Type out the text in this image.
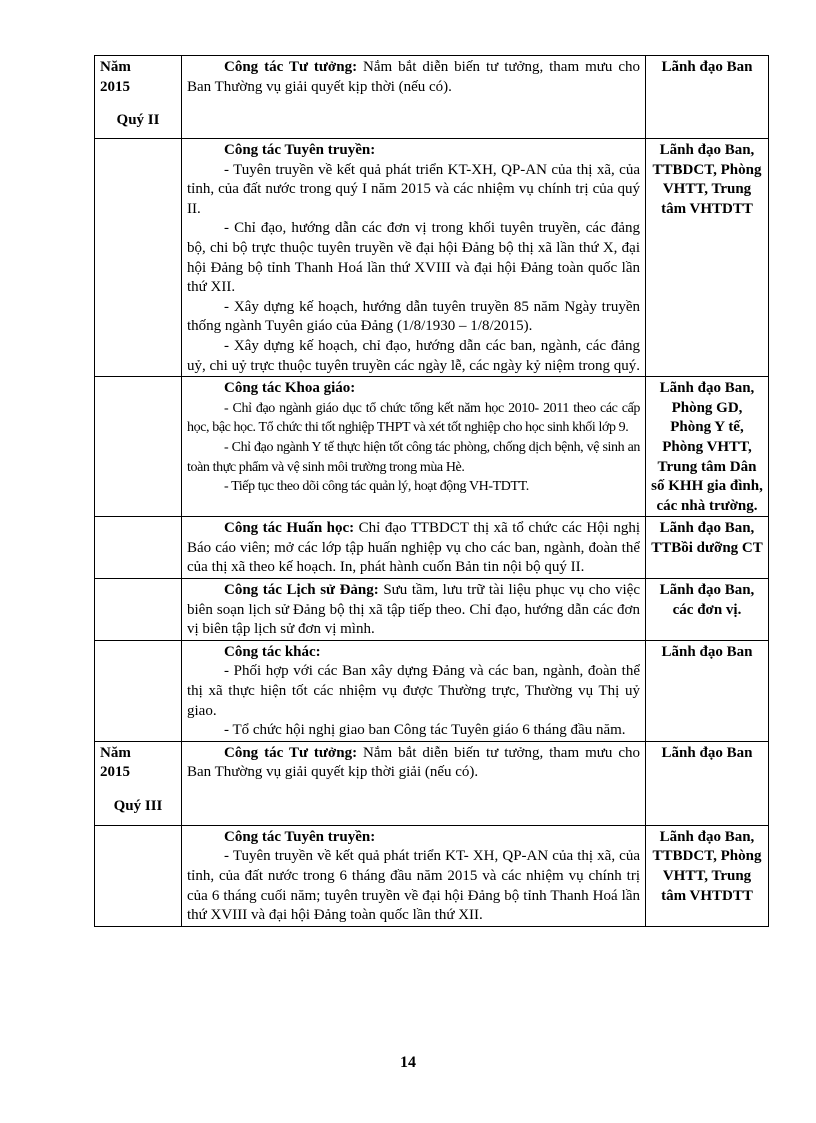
Năm
2015
Quý II	Công tác Tư tưởng: Nắm bắt diễn biến tư tưởng, tham mưu cho Ban Thường vụ giải quyết kịp thời (nếu có).	Lãnh đạo Ban

	Công tác Tuyên truyền:

- Tuyên truyền về kết quả phát triển KT-XH, QP-AN của thị xã, của tỉnh, của đất nước trong quý I năm 2015 và các nhiệm vụ chính trị của quý II.

- Chỉ đạo, hướng dẫn các đơn vị trong khối tuyên truyền, các đảng bộ, chi bộ trực thuộc tuyên truyền về đại hội Đảng bộ thị xã lần thứ X, đại hội Đảng bộ tỉnh Thanh Hoá lần thứ XVIII và đại hội Đảng toàn quốc lần thứ XII.

- Xây dựng kế hoạch, hướng dẫn tuyên truyền 85 năm Ngày truyền thống ngành Tuyên giáo của Đảng (1/8/1930 – 1/8/2015).

- Xây dựng kế hoạch, chỉ đạo, hướng dẫn các ban, ngành, các đảng uỷ, chi uỷ trực thuộc tuyên truyền các ngày lễ, các ngày kỷ niệm trong quý.	Lãnh đạo Ban, TTBDCT, Phòng VHTT, Trung tâm VHTDTT

	Công tác Khoa giáo:

- Chỉ đạo ngành giáo dục tổ chức tổng kết năm học 2010- 2011 theo các cấp học, bậc học. Tổ chức thi tốt nghiệp THPT và xét tốt nghiệp cho học sinh khối lớp 9.

- Chỉ đạo ngành Y tế thực hiện tốt công tác phòng, chống dịch bệnh, vệ sinh an toàn thực phẩm và vệ sinh môi trường trong mùa Hè.

- Tiếp tục theo dõi công tác quản lý, hoạt động VH-TDTT.	Lãnh đạo Ban, Phòng GD, Phòng Y tế, Phòng VHTT, Trung tâm Dân số KHH gia đình, các nhà trường.

	Công tác Huấn học: Chỉ đạo TTBDCT thị xã tổ chức các Hội nghị Báo cáo viên; mở các lớp tập huấn nghiệp vụ cho các ban, ngành, đoàn thể của thị xã theo kế hoạch. In, phát hành cuốn Bản tin nội bộ quý II.	Lãnh đạo Ban, TTBồi dưỡng CT

	Công tác Lịch sử Đảng: Sưu tầm, lưu trữ tài liệu phục vụ cho việc biên soạn lịch sử Đảng bộ thị xã tập tiếp theo. Chỉ đạo, hướng dẫn các đơn vị biên tập lịch sử đơn vị mình.	Lãnh đạo Ban, các đơn vị.

	Công tác khác:

- Phối hợp với các Ban xây dựng Đảng và các ban, ngành, đoàn thể thị xã thực hiện tốt các nhiệm vụ được Thường trực, Thường vụ Thị uỷ giao.

- Tổ chức hội nghị giao ban Công tác Tuyên giáo 6 tháng đầu năm.	Lãnh đạo Ban

Năm
2015
Quý III	Công tác Tư tưởng: Nắm bắt diễn biến tư tưởng, tham mưu cho Ban Thường vụ giải quyết kịp thời giải (nếu có).	Lãnh đạo Ban

	Công tác Tuyên truyền:

- Tuyên truyền về kết quả phát triển KT- XH, QP-AN của thị xã, của tỉnh, của đất nước trong 6 tháng đầu năm 2015 và các nhiệm vụ chính trị của 6 tháng cuối năm; tuyên truyền về đại hội Đảng bộ tỉnh Thanh Hoá lần thứ XVIII và đại hội Đảng toàn quốc lần thứ XII.	Lãnh đạo Ban, TTBDCT, Phòng VHTT, Trung tâm VHTDTT
14
